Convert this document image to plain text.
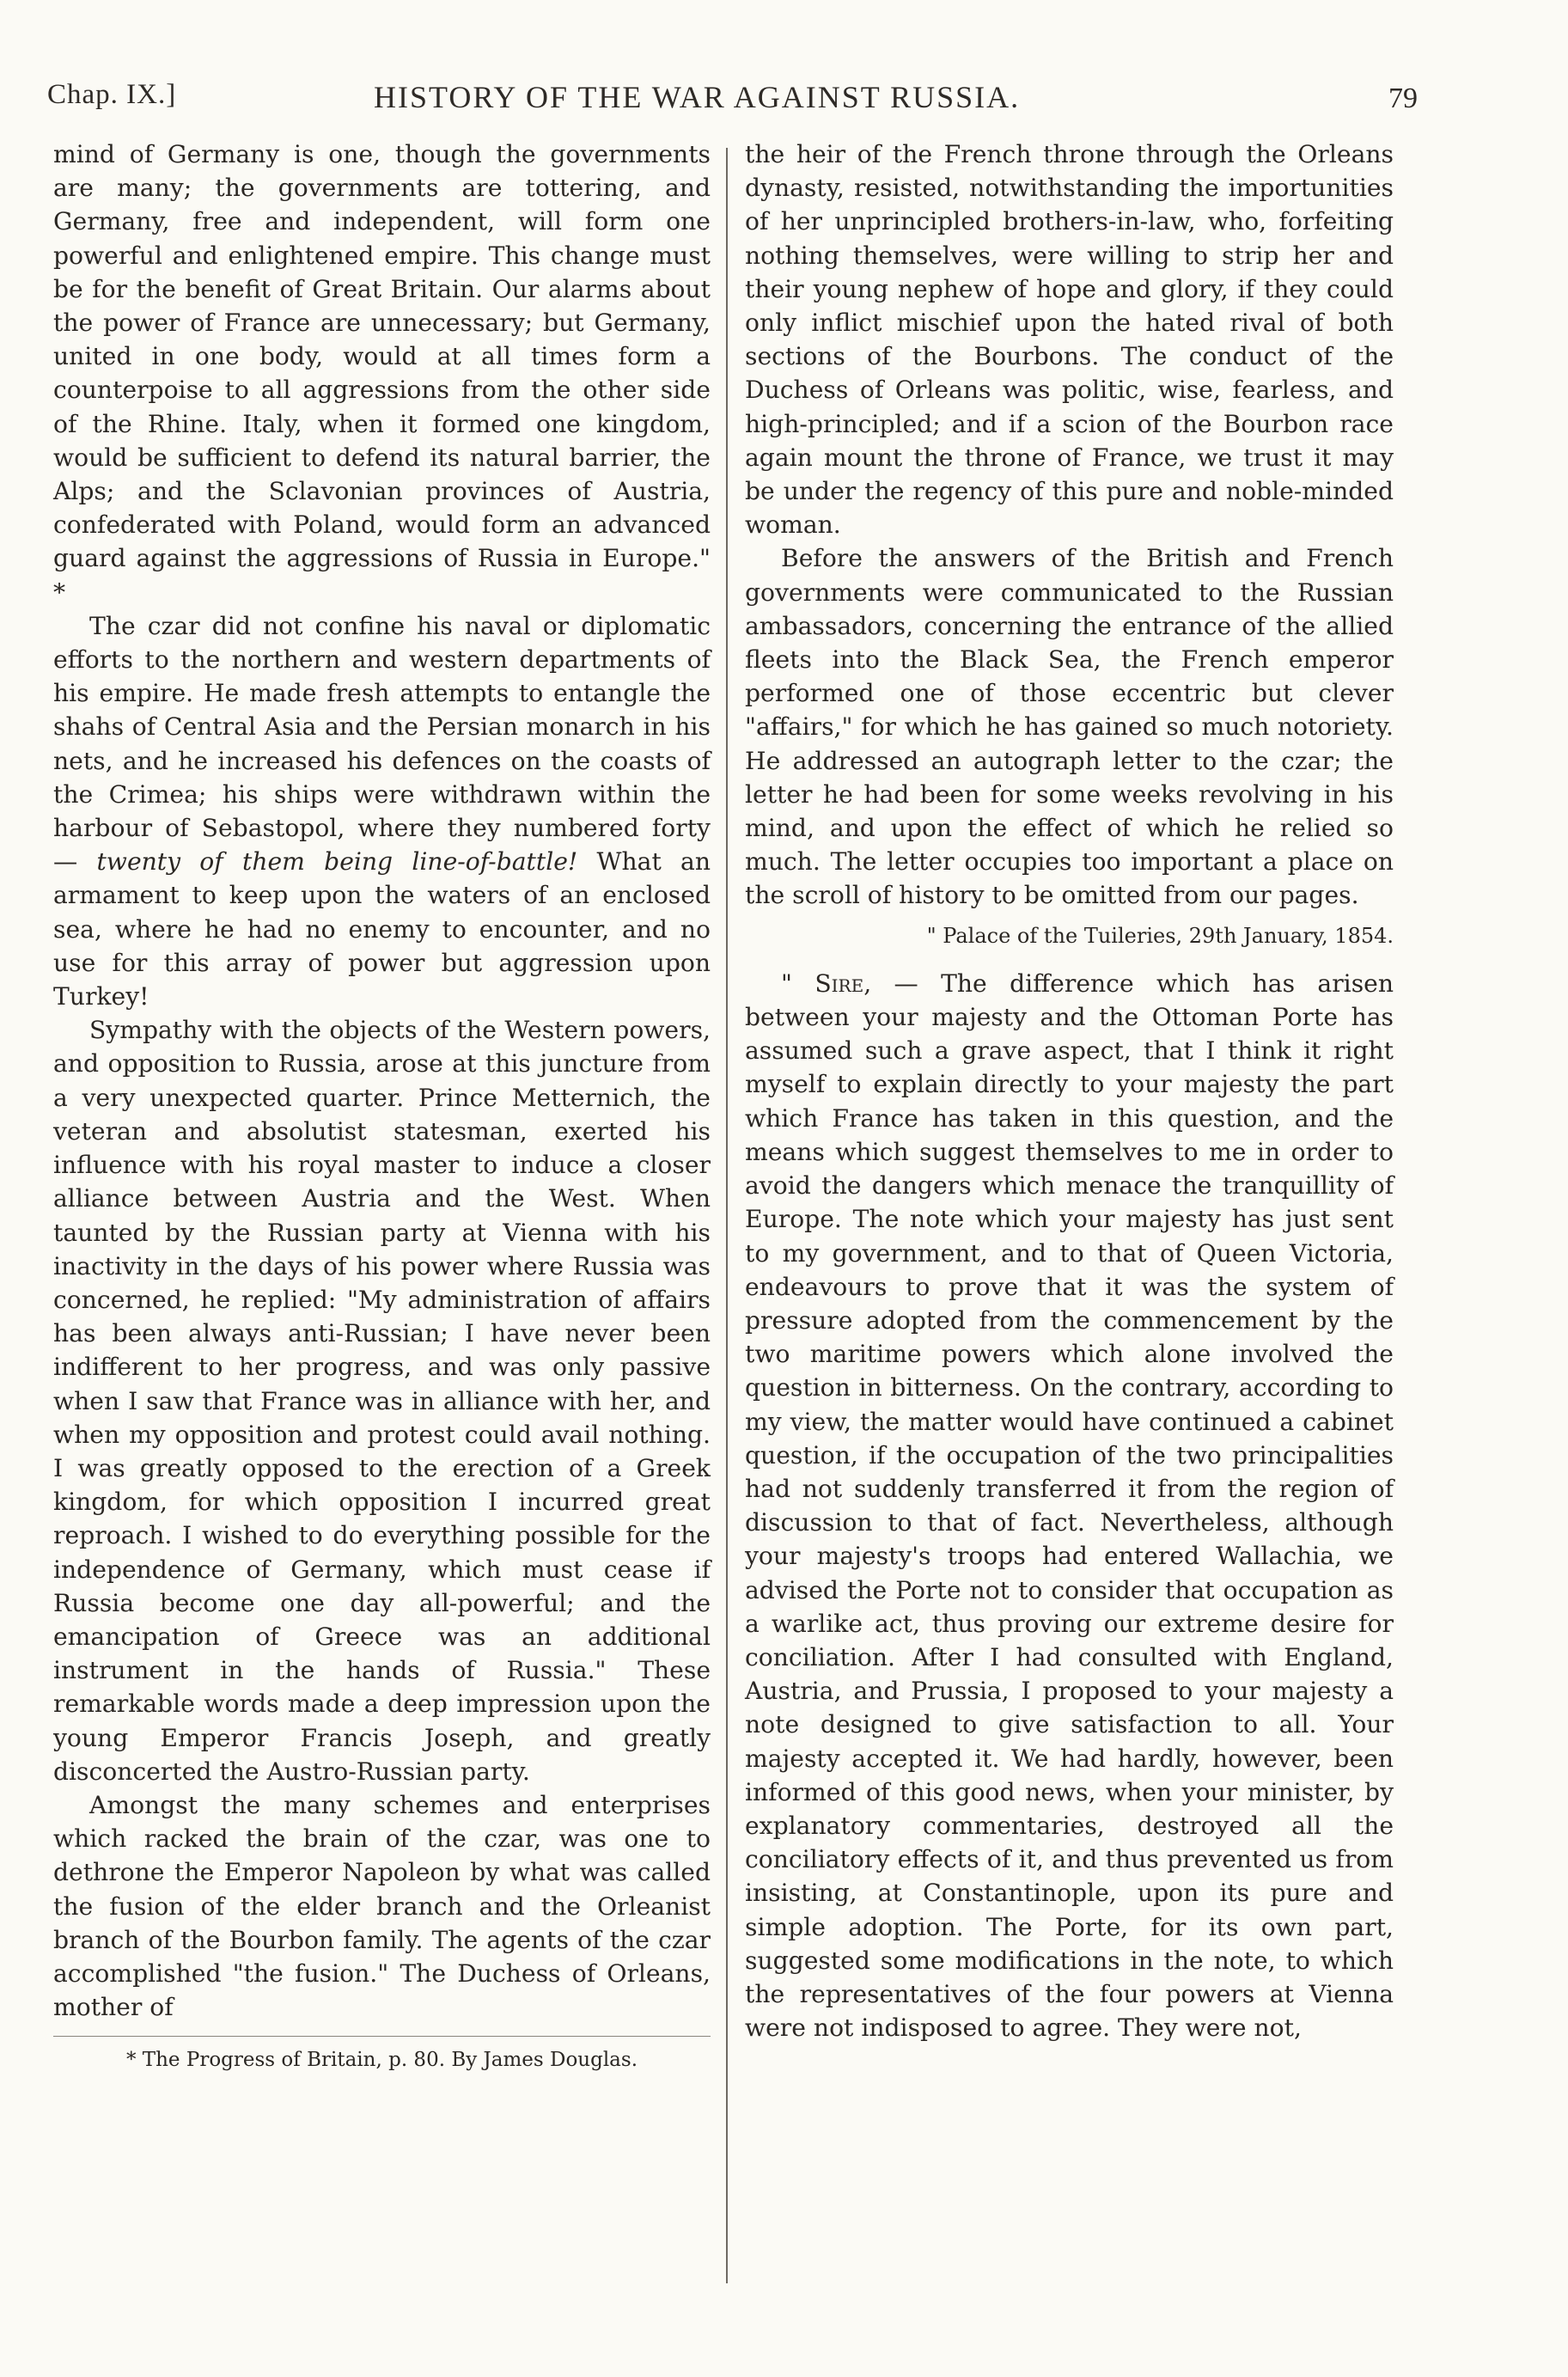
Chap. IX.]	HISTORY OF THE WAR AGAINST RUSSIA.	79

mind of Germany is one, though the governments are many; the governments are tottering, and Germany, free and independent, will form one powerful and enlightened empire. This change must be for the benefit of Great Britain. Our alarms about the power of France are unnecessary; but Germany, united in one body, would at all times form a counterpoise to all aggressions from the other side of the Rhine. Italy, when it formed one kingdom, would be sufficient to defend its natural barrier, the Alps; and the Sclavonian provinces of Austria, confederated with Poland, would form an advanced guard against the aggressions of Russia in Europe." *

The czar did not confine his naval or diplomatic efforts to the northern and western departments of his empire. He made fresh attempts to entangle the shahs of Central Asia and the Persian monarch in his nets, and he increased his defences on the coasts of the Crimea; his ships were withdrawn within the harbour of Sebastopol, where they numbered forty — twenty of them being line-of-battle! What an armament to keep upon the waters of an enclosed sea, where he had no enemy to encounter, and no use for this array of power but aggression upon Turkey!

Sympathy with the objects of the Western powers, and opposition to Russia, arose at this juncture from a very unexpected quarter. Prince Metternich, the veteran and absolutist statesman, exerted his influence with his royal master to induce a closer alliance between Austria and the West. When taunted by the Russian party at Vienna with his inactivity in the days of his power where Russia was concerned, he replied: "My administration of affairs has been always anti-Russian; I have never been indifferent to her progress, and was only passive when I saw that France was in alliance with her, and when my opposition and protest could avail nothing. I was greatly opposed to the erection of a Greek kingdom, for which opposition I incurred great reproach. I wished to do everything possible for the independence of Germany, which must cease if Russia become one day all-powerful; and the emancipation of Greece was an additional instrument in the hands of Russia." These remarkable words made a deep impression upon the young Emperor Francis Joseph, and greatly disconcerted the Austro-Russian party.

Amongst the many schemes and enterprises which racked the brain of the czar, was one to dethrone the Emperor Napoleon by what was called the fusion of the elder branch and the Orleanist branch of the Bourbon family. The agents of the czar accomplished "the fusion." The Duchess of Orleans, mother of

* The Progress of Britain, p. 80. By James Douglas.

the heir of the French throne through the Orleans dynasty, resisted, notwithstanding the importunities of her unprincipled brothers-in-law, who, forfeiting nothing themselves, were willing to strip her and their young nephew of hope and glory, if they could only inflict mischief upon the hated rival of both sections of the Bourbons. The conduct of the Duchess of Orleans was politic, wise, fearless, and high-principled; and if a scion of the Bourbon race again mount the throne of France, we trust it may be under the regency of this pure and noble-minded woman.

Before the answers of the British and French governments were communicated to the Russian ambassadors, concerning the entrance of the allied fleets into the Black Sea, the French emperor performed one of those eccentric but clever "affairs," for which he has gained so much notoriety. He addressed an autograph letter to the czar; the letter he had been for some weeks revolving in his mind, and upon the effect of which he relied so much. The letter occupies too important a place on the scroll of history to be omitted from our pages.

" Palace of the Tuileries, 29th January, 1854.

" Sire, — The difference which has arisen between your majesty and the Ottoman Porte has assumed such a grave aspect, that I think it right myself to explain directly to your majesty the part which France has taken in this question, and the means which suggest themselves to me in order to avoid the dangers which menace the tranquillity of Europe. The note which your majesty has just sent to my government, and to that of Queen Victoria, endeavours to prove that it was the system of pressure adopted from the commencement by the two maritime powers which alone involved the question in bitterness. On the contrary, according to my view, the matter would have continued a cabinet question, if the occupation of the two principalities had not suddenly transferred it from the region of discussion to that of fact. Nevertheless, although your majesty's troops had entered Wallachia, we advised the Porte not to consider that occupation as a warlike act, thus proving our extreme desire for conciliation. After I had consulted with England, Austria, and Prussia, I proposed to your majesty a note designed to give satisfaction to all. Your majesty accepted it. We had hardly, however, been informed of this good news, when your minister, by explanatory commentaries, destroyed all the conciliatory effects of it, and thus prevented us from insisting, at Constantinople, upon its pure and simple adoption. The Porte, for its own part, suggested some modifications in the note, to which the representatives of the four powers at Vienna were not indisposed to agree. They were not,
